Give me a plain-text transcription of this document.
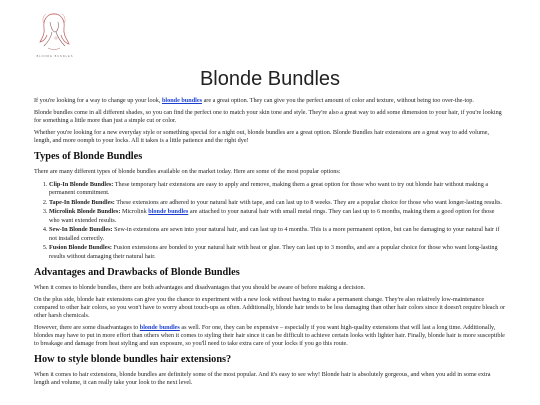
BLONDE BUNDLES
Blonde Bundles

If you're looking for a way to change up your look, blonde bundles are a great option. They can give you the perfect amount of color and texture, without being too over-the-top.

Blonde bundles come in all different shades, so you can find the perfect one to match your skin tone and style. They're also a great way to add some dimension to your hair, if you're looking for something a little more than just a simple cut or color.

Whether you're looking for a new everyday style or something special for a night out, blonde bundles are a great option. Blonde Bundles hair extensions are a great way to add volume, length, and more oomph to your locks. All it takes is a little patience and the right dye!

Types of Blonde Bundles

There are many different types of blonde bundles available on the market today. Here are some of the most popular options:

1. Clip-In Blonde Bundles: These temporary hair extensions are easy to apply and remove, making them a great option for those who want to try out blonde hair without making a permanent commitment.
2. Tape-In Blonde Bundles: These extensions are adhered to your natural hair with tape, and can last up to 8 weeks. They are a popular choice for those who want longer-lasting results.
3. Microlink Blonde Bundles: Microlink blonde bundles are attached to your natural hair with small metal rings. They can last up to 6 months, making them a good option for those who want extended results.
4. Sew-In Blonde Bundles: Sew-in extensions are sewn into your natural hair, and can last up to 4 months. This is a more permanent option, but can be damaging to your natural hair if not installed correctly.
5. Fusion Blonde Bundles: Fusion extensions are bonded to your natural hair with heat or glue. They can last up to 3 months, and are a popular choice for those who want long-lasting results without damaging their natural hair.
Advantages and Drawbacks of Blonde Bundles

When it comes to blonde bundles, there are both advantages and disadvantages that you should be aware of before making a decision.

On the plus side, blonde hair extensions can give you the chance to experiment with a new look without having to make a permanent change. They're also relatively low-maintenance compared to other hair colors, so you won't have to worry about touch-ups as often. Additionally, blonde hair tends to be less damaging than other hair colors since it doesn't require bleach or other harsh chemicals.

However, there are some disadvantages to blonde bundles as well. For one, they can be expensive – especially if you want high-quality extensions that will last a long time. Additionally, blondes may have to put in more effort than others when it comes to styling their hair since it can be difficult to achieve certain looks with lighter hair. Finally, blonde hair is more susceptible to breakage and damage from heat styling and sun exposure, so you'll need to take extra care of your locks if you go this route.

How to style blonde bundles hair extensions?

When it comes to hair extensions, blonde bundles are definitely some of the most popular. And it's easy to see why! Blonde hair is absolutely gorgeous, and when you add in some extra length and volume, it can really take your look to the next level.
